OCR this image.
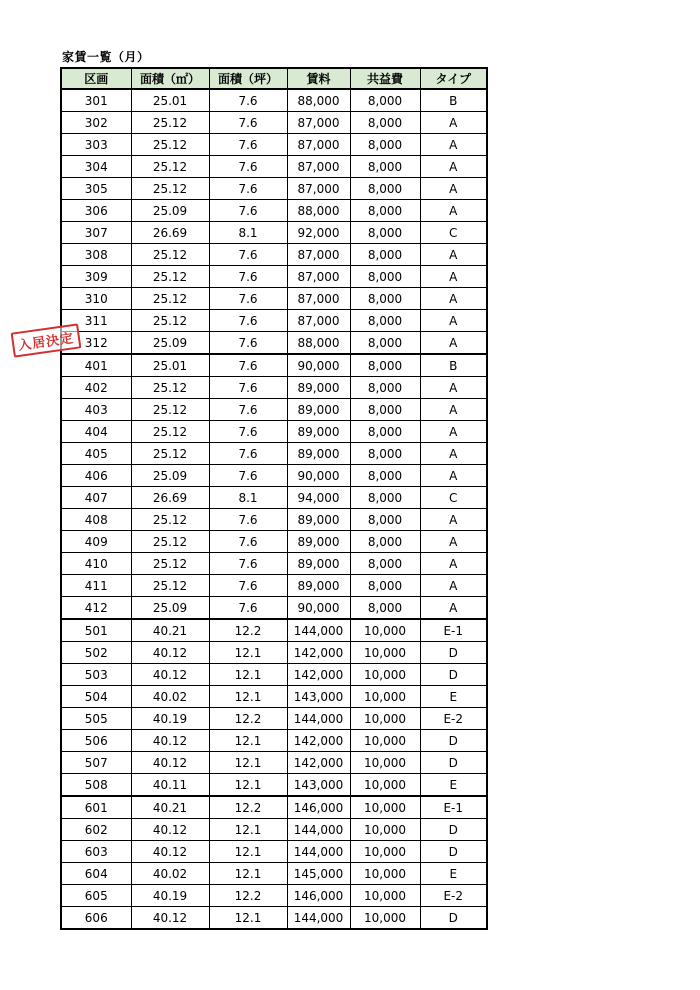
家賃一覧（月）
区画	面積（㎡）	面積（坪）	賃料	共益費	タイプ
301	25.01	7.6	88,000	8,000	B
302	25.12	7.6	87,000	8,000	A
303	25.12	7.6	87,000	8,000	A
304	25.12	7.6	87,000	8,000	A
305	25.12	7.6	87,000	8,000	A
306	25.09	7.6	88,000	8,000	A
307	26.69	8.1	92,000	8,000	C
308	25.12	7.6	87,000	8,000	A
309	25.12	7.6	87,000	8,000	A
310	25.12	7.6	87,000	8,000	A
311	25.12	7.6	87,000	8,000	A
312	25.09	7.6	88,000	8,000	A
401	25.01	7.6	90,000	8,000	B
402	25.12	7.6	89,000	8,000	A
403	25.12	7.6	89,000	8,000	A
404	25.12	7.6	89,000	8,000	A
405	25.12	7.6	89,000	8,000	A
406	25.09	7.6	90,000	8,000	A
407	26.69	8.1	94,000	8,000	C
408	25.12	7.6	89,000	8,000	A
409	25.12	7.6	89,000	8,000	A
410	25.12	7.6	89,000	8,000	A
411	25.12	7.6	89,000	8,000	A
412	25.09	7.6	90,000	8,000	A
501	40.21	12.2	144,000	10,000	E-1
502	40.12	12.1	142,000	10,000	D
503	40.12	12.1	142,000	10,000	D
504	40.02	12.1	143,000	10,000	E
505	40.19	12.2	144,000	10,000	E-2
506	40.12	12.1	142,000	10,000	D
507	40.12	12.1	142,000	10,000	D
508	40.11	12.1	143,000	10,000	E
601	40.21	12.2	146,000	10,000	E-1
602	40.12	12.1	144,000	10,000	D
603	40.12	12.1	144,000	10,000	D
604	40.02	12.1	145,000	10,000	E
605	40.19	12.2	146,000	10,000	E-2
606	40.12	12.1	144,000	10,000	D
入居決定
